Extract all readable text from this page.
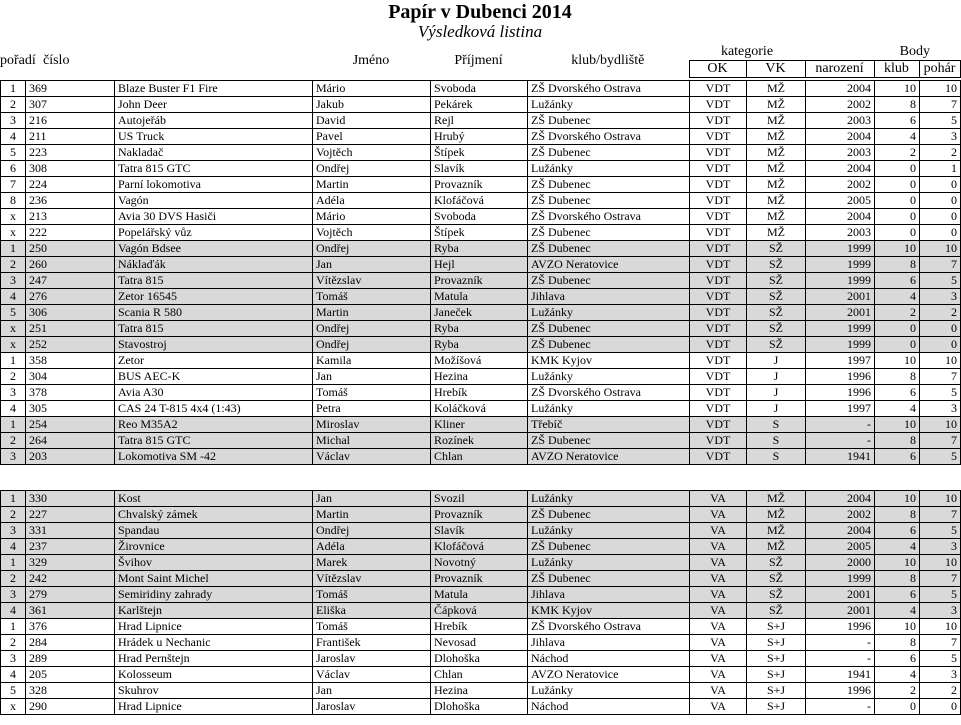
Papír v Dubenci 2014
Výsledková listina
pořadí	číslo		Jméno	Příjmení	klub/bydliště	kategorie		Body		
						OK	VK	narození	klub	pohár
1	369	Blaze Buster F1 Fire	Mário	Svoboda	ZŠ Dvorského Ostrava	VDT	MŽ	2004	10	10
2	307	John Deer	Jakub	Pekárek	Lužánky	VDT	MŽ	2002	8	7
3	216	Autojeřáb	David	Rejl	ZŠ Dubenec	VDT	MŽ	2003	6	5
4	211	US Truck	Pavel	Hrubý	ZŠ Dvorského Ostrava	VDT	MŽ	2004	4	3
5	223	Nakladač	Vojtěch	Štípek	ZŠ Dubenec	VDT	MŽ	2003	2	2
6	308	Tatra 815 GTC	Ondřej	Slavík	Lužánky	VDT	MŽ	2004	0	1
7	224	Parní lokomotiva	Martin	Provazník	ZŠ Dubenec	VDT	MŽ	2002	0	0
8	236	Vagón	Adéla	Klofáčová	ZŠ Dubenec	VDT	MŽ	2005	0	0
x	213	Avia 30 DVS Hasiči	Mário	Svoboda	ZŠ Dvorského Ostrava	VDT	MŽ	2004	0	0
x	222	Popelářský vůz	Vojtěch	Štípek	ZŠ Dubenec	VDT	MŽ	2003	0	0
1	250	Vagón Bdsee	Ondřej	Ryba	ZŠ Dubenec	VDT	SŽ	1999	10	10
2	260	Náklaďák	Jan	Hejl	AVZO Neratovice	VDT	SŽ	1999	8	7
3	247	Tatra 815	Vítězslav	Provazník	ZŠ Dubenec	VDT	SŽ	1999	6	5
4	276	Zetor 16545	Tomáš	Matula	Jihlava	VDT	SŽ	2001	4	3
5	306	Scania R 580	Martin	Janeček	Lužánky	VDT	SŽ	2001	2	2
x	251	Tatra 815	Ondřej	Ryba	ZŠ Dubenec	VDT	SŽ	1999	0	0
x	252	Stavostroj	Ondřej	Ryba	ZŠ Dubenec	VDT	SŽ	1999	0	0
1	358	Zetor	Kamila	Možíšová	KMK Kyjov	VDT	J	1997	10	10
2	304	BUS AEC-K	Jan	Hezina	Lužánky	VDT	J	1996	8	7
3	378	Avia A30	Tomáš	Hrebík	ZŠ Dvorského Ostrava	VDT	J	1996	6	5
4	305	CAS 24 T-815 4x4 (1:43)	Petra	Koláčková	Lužánky	VDT	J	1997	4	3
1	254	Reo M35A2	Miroslav	Kliner	Třebíč	VDT	S	-	10	10
2	264	Tatra 815 GTC	Michal	Rozínek	ZŠ Dubenec	VDT	S	-	8	7
3	203	Lokomotiva SM -42	Václav	Chlan	AVZO Neratovice	VDT	S	1941	6	5
1	330	Kost	Jan	Svozil	Lužánky	VA	MŽ	2004	10	10
2	227	Chvalský zámek	Martin	Provazník	ZŠ Dubenec	VA	MŽ	2002	8	7
3	331	Spandau	Ondřej	Slavík	Lužánky	VA	MŽ	2004	6	5
4	237	Žirovnice	Adéla	Klofáčová	ZŠ Dubenec	VA	MŽ	2005	4	3
1	329	Švihov	Marek	Novotný	Lužánky	VA	SŽ	2000	10	10
2	242	Mont Saint Michel	Vítězslav	Provazník	ZŠ Dubenec	VA	SŽ	1999	8	7
3	279	Semiridiny zahrady	Tomáš	Matula	Jihlava	VA	SŽ	2001	6	5
4	361	Karlštejn	Eliška	Čápková	KMK Kyjov	VA	SŽ	2001	4	3
1	376	Hrad Lipnice	Tomáš	Hrebík	ZŠ Dvorského Ostrava	VA	S+J	1996	10	10
2	284	Hrádek u Nechanic	František	Nevosad	Jihlava	VA	S+J	-	8	7
3	289	Hrad Pernštejn	Jaroslav	Dlohoška	Náchod	VA	S+J	-	6	5
4	205	Kolosseum	Václav	Chlan	AVZO Neratovice	VA	S+J	1941	4	3
5	328	Skuhrov	Jan	Hezina	Lužánky	VA	S+J	1996	2	2
x	290	Hrad Lipnice	Jaroslav	Dlohoška	Náchod	VA	S+J	-	0	0
